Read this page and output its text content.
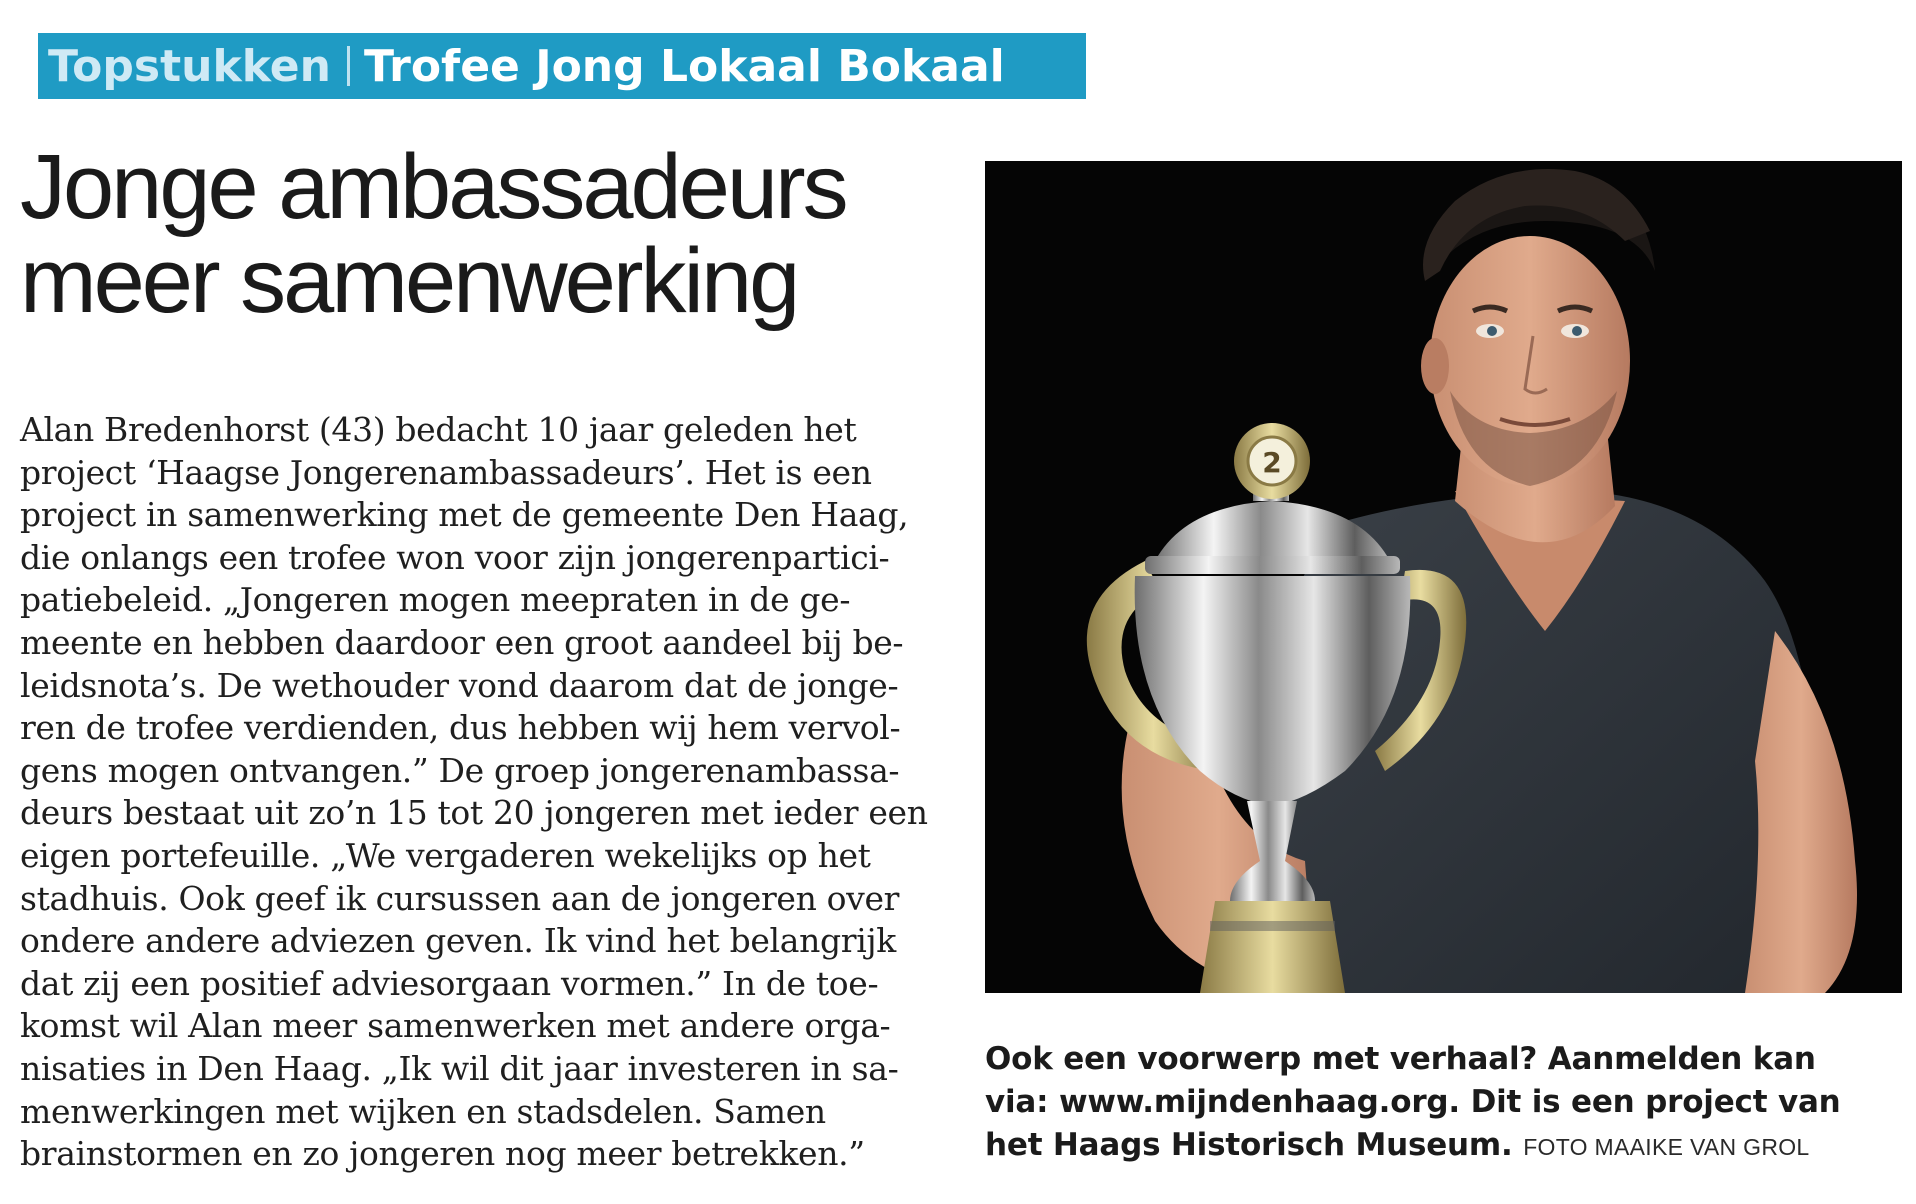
Topstukken Trofee Jong Lokaal Bokaal
Jonge ambassadeurs
meer samenwerking
Alan Bredenhorst (43) bedacht 10 jaar geleden het
project ‘Haagse Jongerenambassadeurs’. Het is een
project in samenwerking met de gemeente Den Haag,
die onlangs een trofee won voor zijn jongerenpartici-
patiebeleid. „Jongeren mogen meepraten in de ge-
meente en hebben daardoor een groot aandeel bij be-
leidsnota’s. De wethouder vond daarom dat de jonge-
ren de trofee verdienden, dus hebben wij hem vervol-
gens mogen ontvangen.” De groep jongerenambassa-
deurs bestaat uit zo’n 15 tot 20 jongeren met ieder een
eigen portefeuille. „We vergaderen wekelijks op het
stadhuis. Ook geef ik cursussen aan de jongeren over
ondere andere adviezen geven. Ik vind het belangrijk
dat zij een positief adviesorgaan vormen.” In de toe-
komst wil Alan meer samenwerken met andere orga-
nisaties in Den Haag. „Ik wil dit jaar investeren in sa-
menwerkingen met wijken en stadsdelen. Samen
brainstormen en zo jongeren nog meer betrekken.”
2

Ook een voorwerp met verhaal? Aanmelden kan
via: www.mijndenhaag.org. Dit is een project van
het Haags Historisch Museum. FOTO MAAIKE VAN GROL
